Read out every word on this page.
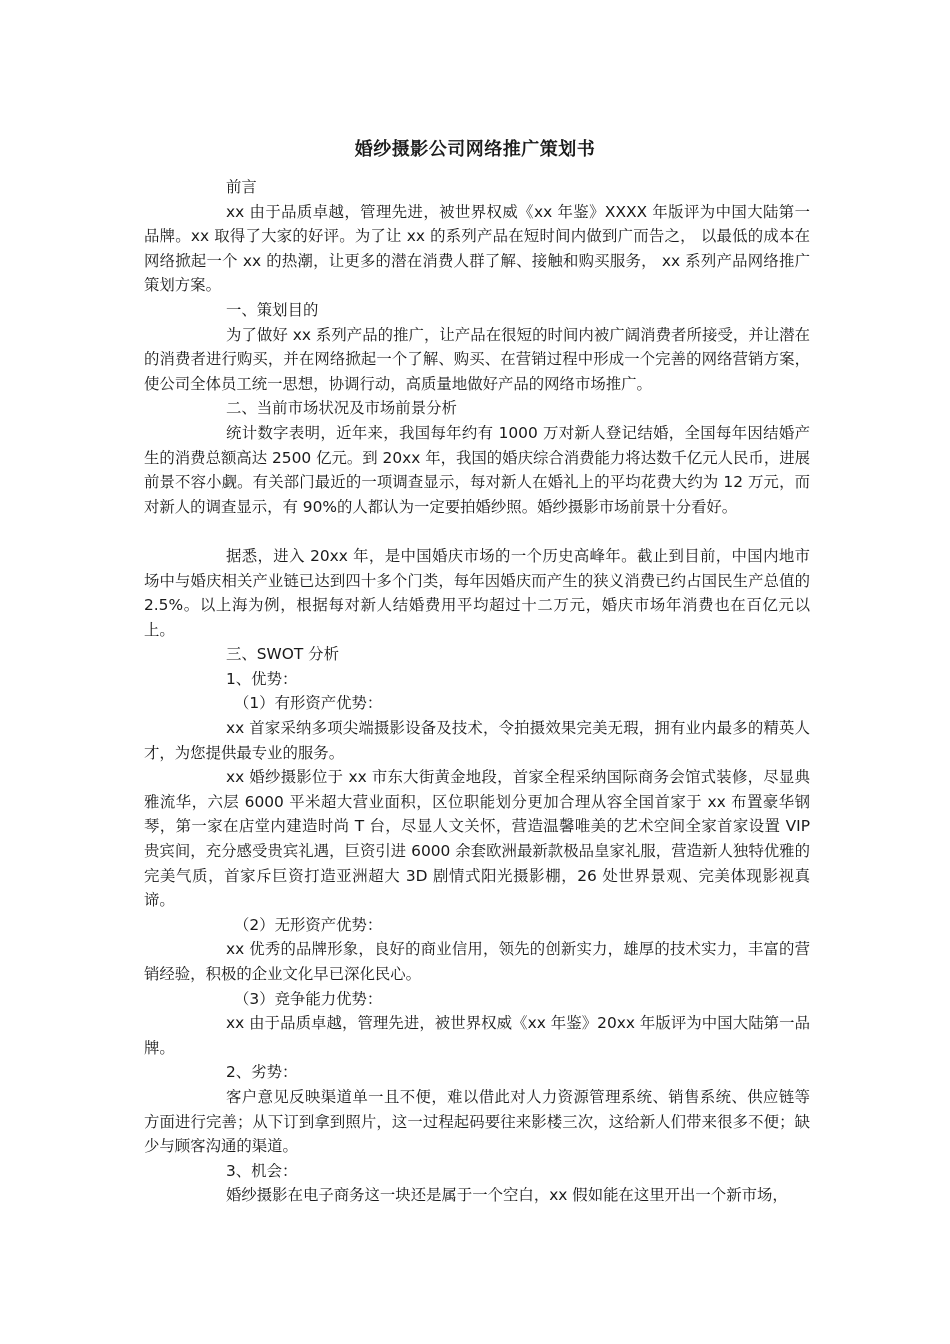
婚纱摄影公司网络推广策划书

前言

xx 由于品质卓越，管理先进，被世界权威《xx 年鉴》XXXX 年版评为中国大陆第一品牌。xx 取得了大家的好评。为了让 xx 的系列产品在短时间内做到广而告之， 以最低的成本在网络掀起一个 xx 的热潮，让更多的潜在消费人群了解、接触和购买服务， xx 系列产品网络推广策划方案。

一、策划目的

为了做好 xx 系列产品的推广，让产品在很短的时间内被广阔消费者所接受，并让潜在的消费者进行购买，并在网络掀起一个了解、购买、在营销过程中形成一个完善的网络营销方案，使公司全体员工统一思想，协调行动，高质量地做好产品的网络市场推广。

二、当前市场状况及市场前景分析

统计数字表明，近年来，我国每年约有 1000 万对新人登记结婚，全国每年因结婚产生的消费总额高达 2500 亿元。到 20xx 年，我国的婚庆综合消费能力将达数千亿元人民币，进展前景不容小觑。有关部门最近的一项调查显示，每对新人在婚礼上的平均花费大约为 12 万元，而对新人的调查显示，有 90%的人都认为一定要拍婚纱照。婚纱摄影市场前景十分看好。

据悉，进入 20xx 年，是中国婚庆市场的一个历史高峰年。截止到目前，中国内地市场中与婚庆相关产业链已达到四十多个门类，每年因婚庆而产生的狭义消费已约占国民生产总值的 2.5%。以上海为例，根据每对新人结婚费用平均超过十二万元，婚庆市场年消费也在百亿元以上。

三、SWOT 分析

1、优势：

（1）有形资产优势：

xx 首家采纳多项尖端摄影设备及技术，令拍摄效果完美无瑕，拥有业内最多的精英人才，为您提供最专业的服务。

xx 婚纱摄影位于 xx 市东大街黄金地段，首家全程采纳国际商务会馆式装修，尽显典雅流华，六层 6000 平米超大营业面积，区位职能划分更加合理从容全国首家于 xx 布置豪华钢琴，第一家在店堂内建造时尚 T 台，尽显人文关怀，营造温馨唯美的艺术空间全家首家设置 VIP 贵宾间，充分感受贵宾礼遇，巨资引进 6000 余套欧洲最新款极品皇家礼服，营造新人独特优雅的完美气质，首家斥巨资打造亚洲超大 3D 剧情式阳光摄影棚，26 处世界景观、完美体现影视真谛。

（2）无形资产优势：

xx 优秀的品牌形象，良好的商业信用，领先的创新实力，雄厚的技术实力，丰富的营销经验，积极的企业文化早已深化民心。

（3）竞争能力优势：

xx 由于品质卓越，管理先进，被世界权威《xx 年鉴》20xx 年版评为中国大陆第一品牌。

2、劣势：

客户意见反映渠道单一且不便，难以借此对人力资源管理系统、销售系统、供应链等方面进行完善；从下订到拿到照片，这一过程起码要往来影楼三次，这给新人们带来很多不便；缺少与顾客沟通的渠道。

3、机会：

婚纱摄影在电子商务这一块还是属于一个空白，xx 假如能在这里开出一个新市场，
